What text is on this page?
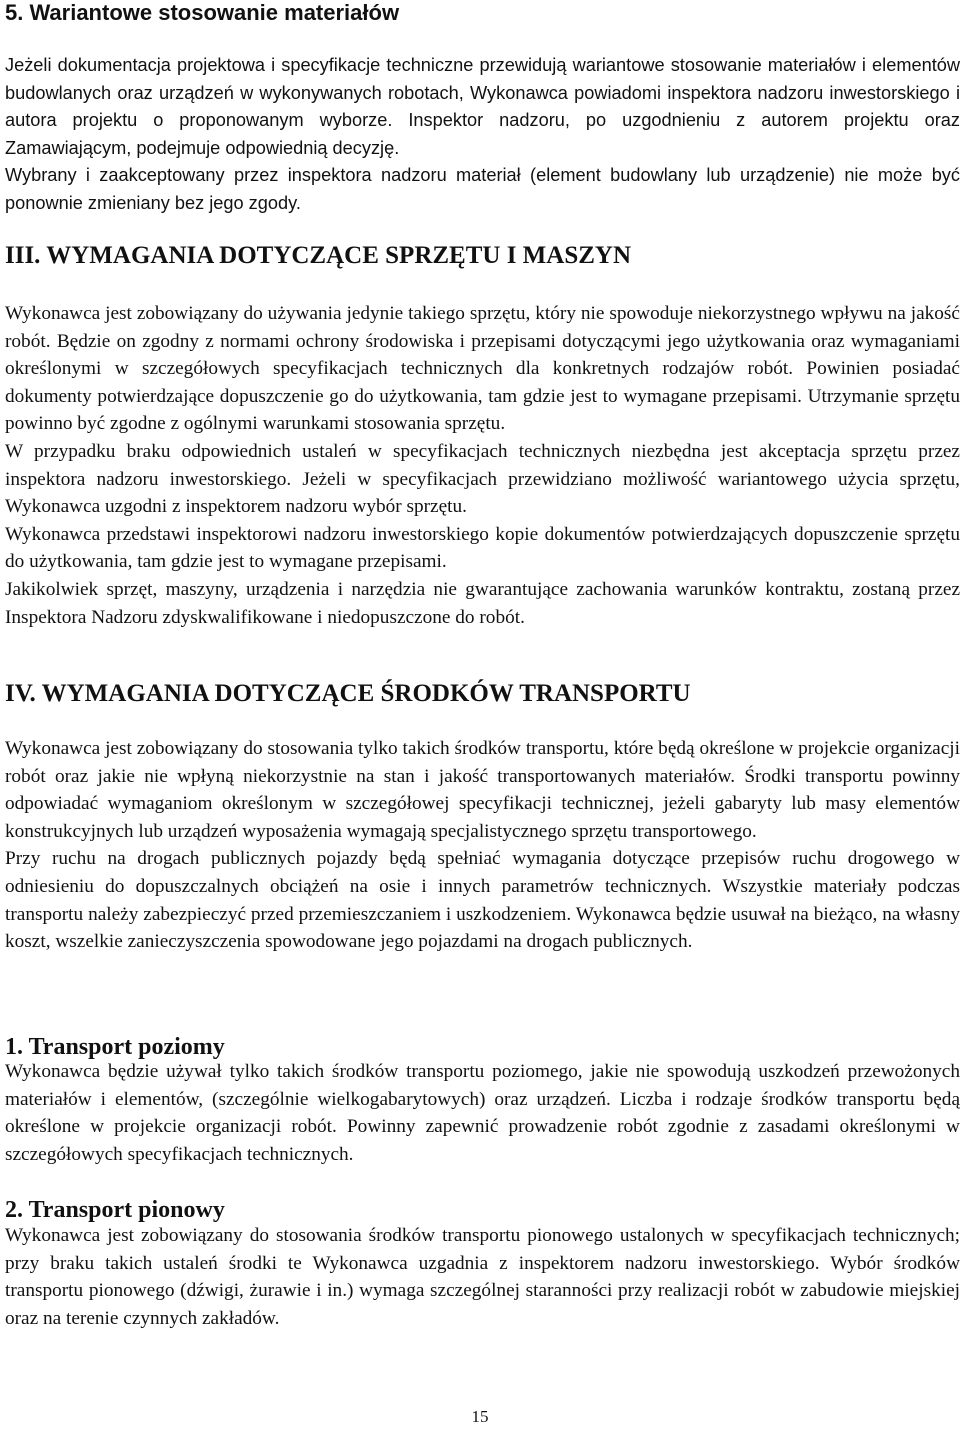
5. Wariantowe stosowanie materiałów

Jeżeli dokumentacja projektowa i specyfikacje techniczne przewidują wariantowe stosowanie materiałów i elementów budowlanych oraz urządzeń w wykonywanych robotach, Wykonawca powiadomi inspektora nadzoru inwestorskiego i autora projektu o proponowanym wyborze. Inspektor nadzoru, po uzgodnieniu z autorem projektu oraz Zamawiającym, podejmuje odpowiednią decyzję.

Wybrany i zaakceptowany przez inspektora nadzoru materiał (element budowlany lub urządzenie) nie może być ponownie zmieniany bez jego zgody.

III. WYMAGANIA DOTYCZĄCE SPRZĘTU I MASZYN

Wykonawca jest zobowiązany do używania jedynie takiego sprzętu, który nie spowoduje niekorzystnego wpływu na jakość robót. Będzie on zgodny z normami ochrony środowiska i przepisami dotyczącymi jego użytkowania oraz wymaganiami określonymi w szczegółowych specyfikacjach technicznych dla konkretnych rodzajów robót. Powinien posiadać dokumenty potwierdzające dopuszczenie go do użytkowania, tam gdzie jest to wymagane przepisami. Utrzymanie sprzętu powinno być zgodne z ogólnymi warunkami stosowania sprzętu.

W przypadku braku odpowiednich ustaleń w specyfikacjach technicznych niezbędna jest akceptacja sprzętu przez inspektora nadzoru inwestorskiego. Jeżeli w specyfikacjach przewidziano możliwość wariantowego użycia sprzętu, Wykonawca uzgodni z inspektorem nadzoru wybór sprzętu.

Wykonawca przedstawi inspektorowi nadzoru inwestorskiego kopie dokumentów potwierdzających dopuszczenie sprzętu do użytkowania, tam gdzie jest to wymagane przepisami.

Jakikolwiek sprzęt, maszyny, urządzenia i narzędzia nie gwarantujące zachowania warunków kontraktu, zostaną przez Inspektora Nadzoru zdyskwalifikowane i niedopuszczone do robót.

IV. WYMAGANIA DOTYCZĄCE ŚRODKÓW TRANSPORTU

Wykonawca jest zobowiązany do stosowania tylko takich środków transportu, które będą określone w projekcie organizacji robót oraz jakie nie wpłyną niekorzystnie na stan i jakość transportowanych materiałów. Środki transportu powinny odpowiadać wymaganiom określonym w szczegółowej specyfikacji technicznej, jeżeli gabaryty lub masy elementów konstrukcyjnych lub urządzeń wyposażenia wymagają specjalistycznego sprzętu transportowego.

Przy ruchu na drogach publicznych pojazdy będą spełniać wymagania dotyczące przepisów ruchu drogowego w odniesieniu do dopuszczalnych obciążeń na osie i innych parametrów technicznych. Wszystkie materiały podczas transportu należy zabezpieczyć przed przemieszczaniem i uszkodzeniem. Wykonawca będzie usuwał na bieżąco, na własny koszt, wszelkie zanieczyszczenia spowodowane jego pojazdami na drogach publicznych.

1. Transport poziomy

Wykonawca będzie używał tylko takich środków transportu poziomego, jakie nie spowodują uszkodzeń przewożonych materiałów i elementów, (szczególnie wielkogabarytowych) oraz urządzeń. Liczba i rodzaje środków transportu będą określone w projekcie organizacji robót. Powinny zapewnić prowadzenie robót zgodnie z zasadami określonymi w szczegółowych specyfikacjach technicznych.

2. Transport pionowy

Wykonawca jest zobowiązany do stosowania środków transportu pionowego ustalonych w specyfikacjach technicznych; przy braku takich ustaleń środki te Wykonawca uzgadnia z inspektorem nadzoru inwestorskiego. Wybór środków transportu pionowego (dźwigi, żurawie i in.) wymaga szczególnej staranności przy realizacji robót w zabudowie miejskiej oraz na terenie czynnych zakładów.

15
